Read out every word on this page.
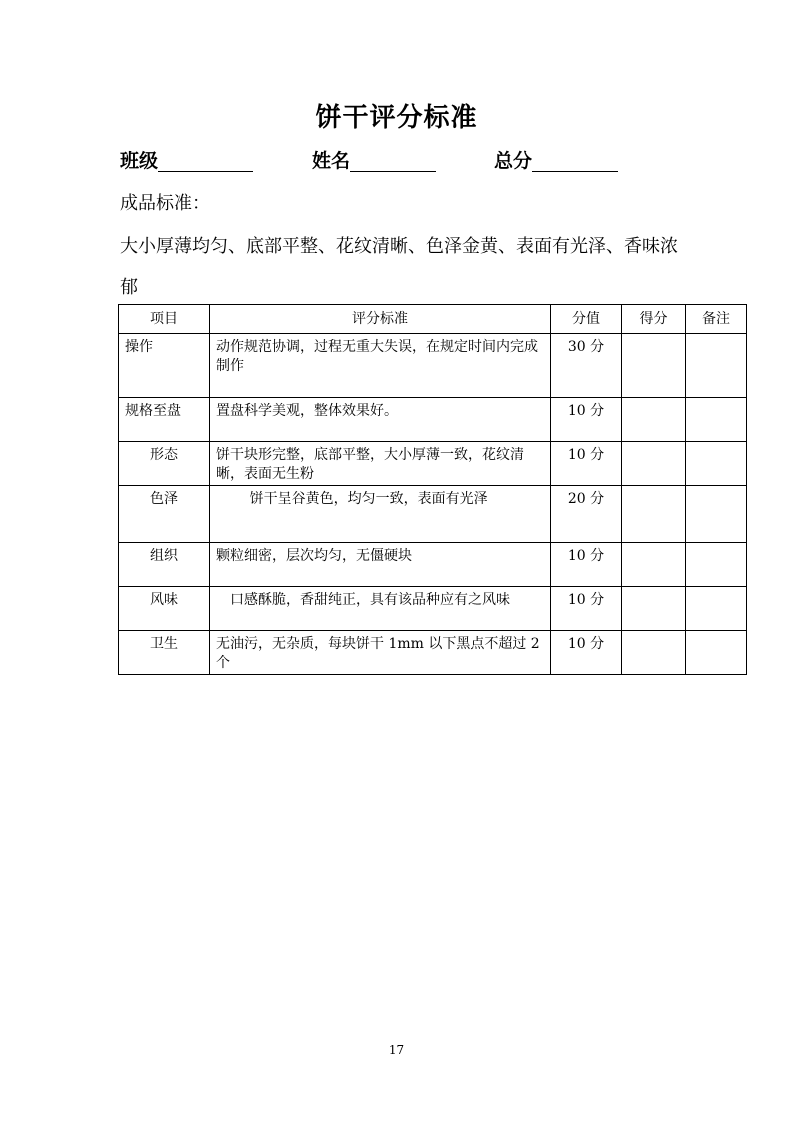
饼干评分标准
班级	姓名	总分
成品标准：
大小厚薄均匀、底部平整、花纹清晰、色泽金黄、表面有光泽、香味浓郁
项目	评分标准	分值	得分	备注
操作	动作规范协调，过程无重大失误，在规定时间内完成制作	30 分		
规格至盘	置盘科学美观，整体效果好。	10 分		
形态	饼干块形完整，底部平整，大小厚薄一致，花纹清晰，表面无生粉	10 分		
色泽	饼干呈谷黄色，均匀一致，表面有光泽	20 分		
组织	颗粒细密，层次均匀，无僵硬块	10 分		
风味	口感酥脆，香甜纯正，具有该品种应有之风味	10 分		
卫生	无油污，无杂质，每块饼干 1mm 以下黑点不超过 2 个	10 分		
17
